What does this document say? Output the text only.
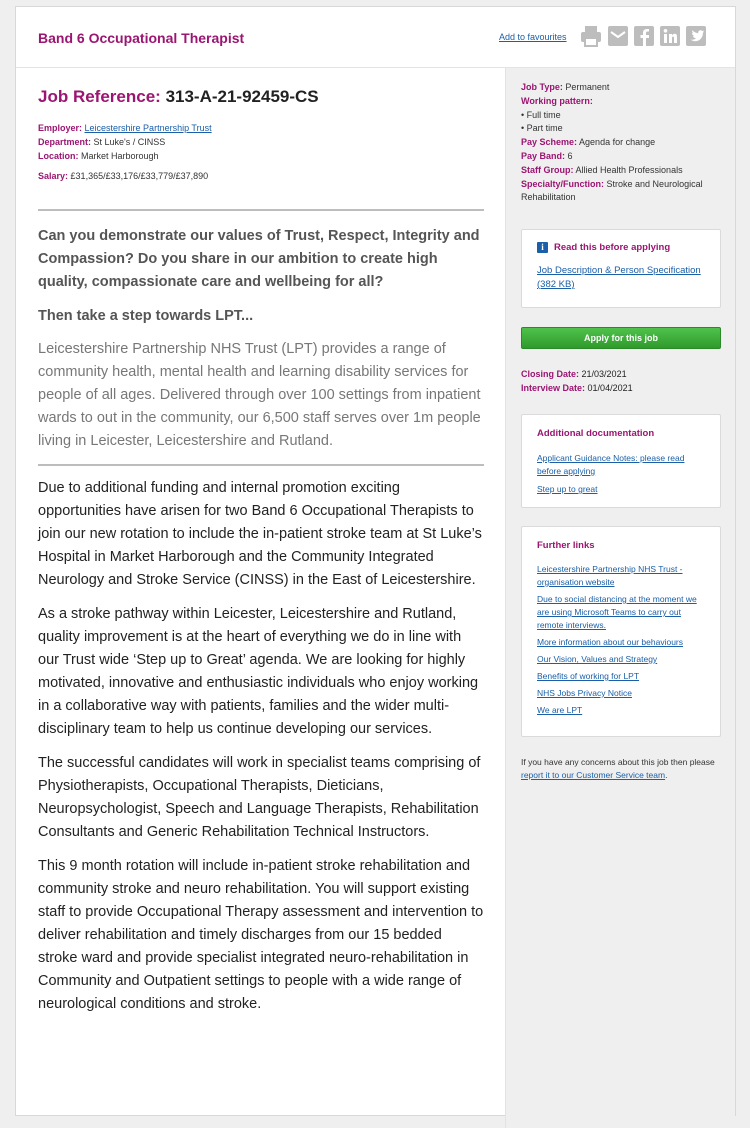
Band 6 Occupational Therapist	Add to favourites
Job Reference: 313-A-21-92459-CS
Employer: Leicestershire Partnership Trust
Department: St Luke's / CINSS
Location: Market Harborough
Salary: £31,365/£33,176/£33,779/£37,890

Can you demonstrate our values of Trust, Respect, Integrity and Compassion? Do you share in our ambition to create high quality, compassionate care and wellbeing for all?

Then take a step towards LPT...

Leicestershire Partnership NHS Trust (LPT) provides a range of community health, mental health and learning disability services for people of all ages. Delivered through over 100 settings from inpatient wards to out in the community, our 6,500 staff serves over 1m people living in Leicester, Leicestershire and Rutland.

Due to additional funding and internal promotion exciting opportunities have arisen for two Band 6 Occupational Therapists to join our new rotation to include the in-patient stroke team at St Luke’s Hospital in Market Harborough and the Community Integrated Neurology and Stroke Service (CINSS) in the East of Leicestershire.

As a stroke pathway within Leicester, Leicestershire and Rutland, quality improvement is at the heart of everything we do in line with our Trust wide ‘Step up to Great’ agenda. We are looking for highly motivated, innovative and enthusiastic individuals who enjoy working in a collaborative way with patients, families and the wider multi-disciplinary team to help us continue developing our services.

The successful candidates will work in specialist teams comprising of Physiotherapists, Occupational Therapists, Dieticians, Neuropsychologist, Speech and Language Therapists, Rehabilitation Consultants and Generic Rehabilitation Technical Instructors.

This 9 month rotation will include in-patient stroke rehabilitation and community stroke and neuro rehabilitation. You will support existing staff to provide Occupational Therapy assessment and intervention to deliver rehabilitation and timely discharges from our 15 bedded stroke ward and provide specialist integrated neuro-rehabilitation in Community and Outpatient settings to people with a wide range of neurological conditions and stroke.

Job Type: Permanent
Working pattern:
• Full time
• Part time
Pay Scheme: Agenda for change
Pay Band: 6
Staff Group: Allied Health Professionals
Specialty/Function: Stroke and Neurological Rehabilitation
i	Read this before applying
Job Description & Person Specification (382 KB)
Apply for this job
Closing Date: 21/03/2021
Interview Date: 01/04/2021
Additional documentation
Applicant Guidance Notes: please read before applying
Step up to great
Further links
Leicestershire Partnership NHS Trust - organisation website
Due to social distancing at the moment we are using Microsoft Teams to carry out remote interviews.
More information about our behaviours
Our Vision, Values and Strategy
Benefits of working for LPT
NHS Jobs Privacy Notice
We are LPT
If you have any concerns about this job then please report it to our Customer Service team.
